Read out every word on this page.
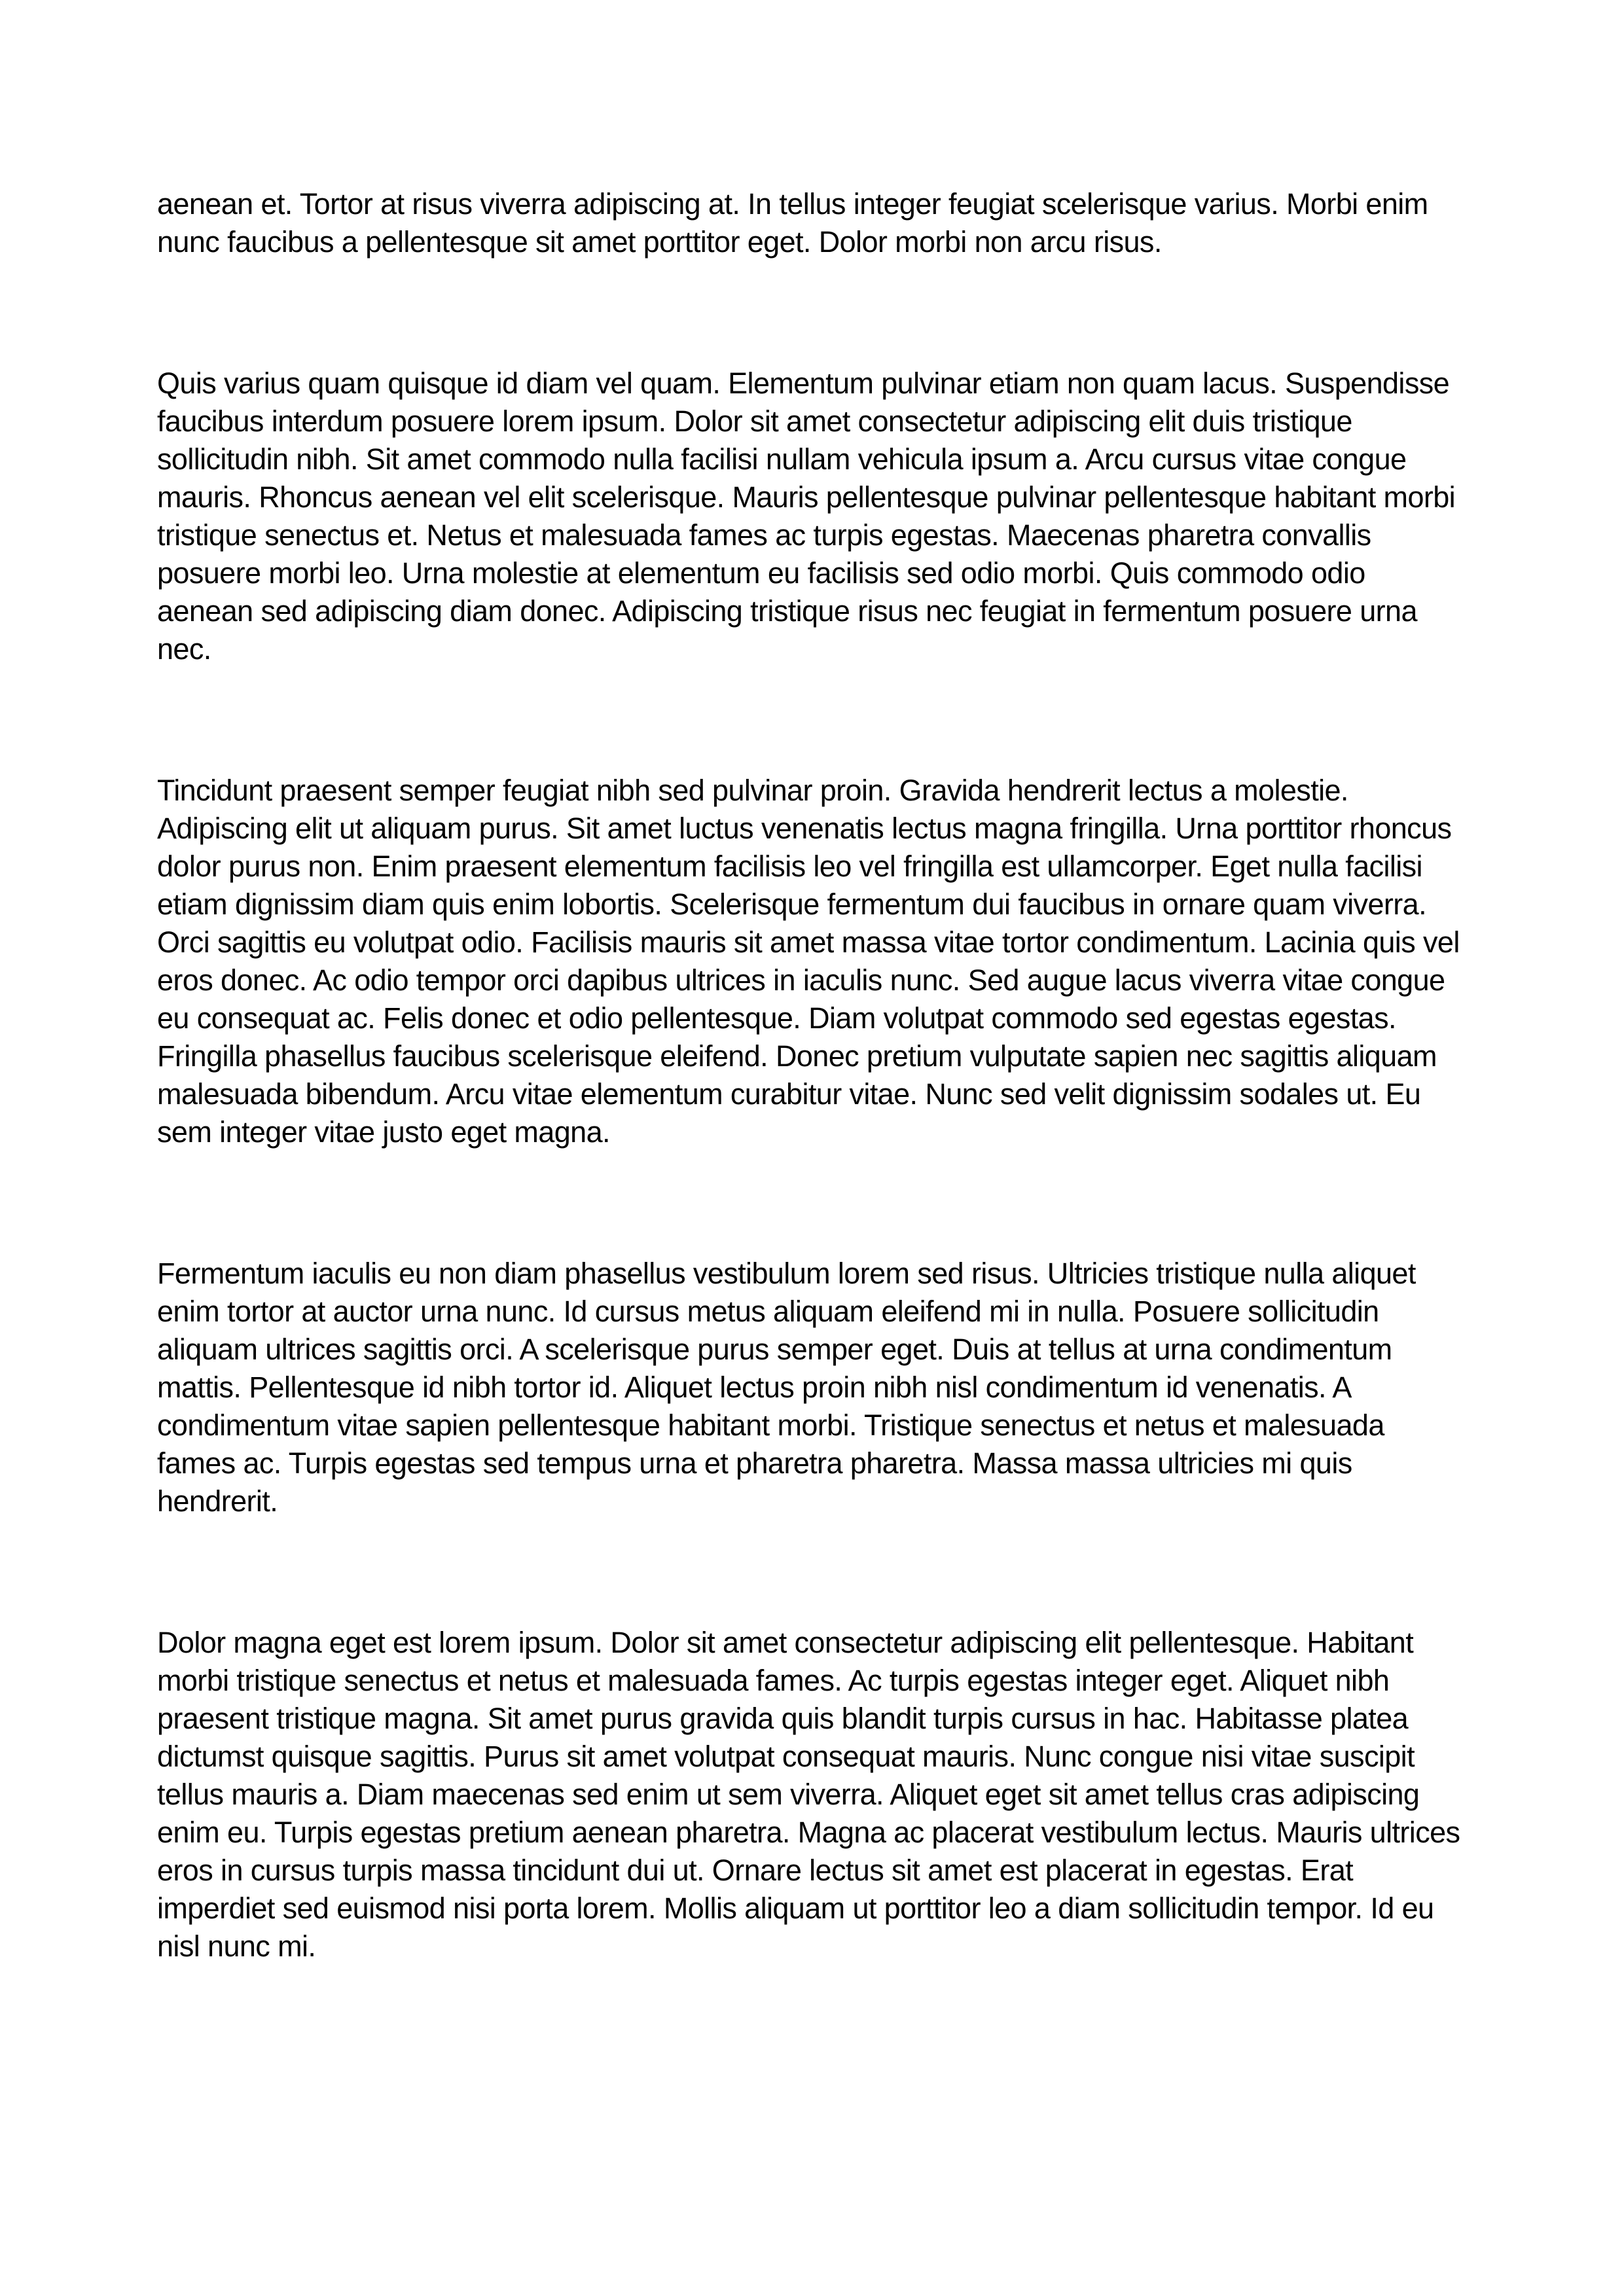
aenean et. Tortor at risus viverra adipiscing at. In tellus integer feugiat scelerisque varius. Morbi enim nunc faucibus a pellentesque sit amet porttitor eget. Dolor morbi non arcu risus.

Quis varius quam quisque id diam vel quam. Elementum pulvinar etiam non quam lacus. Suspendisse faucibus interdum posuere lorem ipsum. Dolor sit amet consectetur adipiscing elit duis tristique sollicitudin nibh. Sit amet commodo nulla facilisi nullam vehicula ipsum a. Arcu cursus vitae congue mauris. Rhoncus aenean vel elit scelerisque. Mauris pellentesque pulvinar pellentesque habitant morbi tristique senectus et. Netus et malesuada fames ac turpis egestas. Maecenas pharetra convallis posuere morbi leo. Urna molestie at elementum eu facilisis sed odio morbi. Quis commodo odio aenean sed adipiscing diam donec. Adipiscing tristique risus nec feugiat in fermentum posuere urna nec.

Tincidunt praesent semper feugiat nibh sed pulvinar proin. Gravida hendrerit lectus a molestie. Adipiscing elit ut aliquam purus. Sit amet luctus venenatis lectus magna fringilla. Urna porttitor rhoncus dolor purus non. Enim praesent elementum facilisis leo vel fringilla est ullamcorper. Eget nulla facilisi etiam dignissim diam quis enim lobortis. Scelerisque fermentum dui faucibus in ornare quam viverra. Orci sagittis eu volutpat odio. Facilisis mauris sit amet massa vitae tortor condimentum. Lacinia quis vel eros donec. Ac odio tempor orci dapibus ultrices in iaculis nunc. Sed augue lacus viverra vitae congue eu consequat ac. Felis donec et odio pellentesque. Diam volutpat commodo sed egestas egestas. Fringilla phasellus faucibus scelerisque eleifend. Donec pretium vulputate sapien nec sagittis aliquam malesuada bibendum. Arcu vitae elementum curabitur vitae. Nunc sed velit dignissim sodales ut. Eu sem integer vitae justo eget magna.

Fermentum iaculis eu non diam phasellus vestibulum lorem sed risus. Ultricies tristique nulla aliquet enim tortor at auctor urna nunc. Id cursus metus aliquam eleifend mi in nulla. Posuere sollicitudin aliquam ultrices sagittis orci. A scelerisque purus semper eget. Duis at tellus at urna condimentum mattis. Pellentesque id nibh tortor id. Aliquet lectus proin nibh nisl condimentum id venenatis. A condimentum vitae sapien pellentesque habitant morbi. Tristique senectus et netus et malesuada fames ac. Turpis egestas sed tempus urna et pharetra pharetra. Massa massa ultricies mi quis hendrerit.

Dolor magna eget est lorem ipsum. Dolor sit amet consectetur adipiscing elit pellentesque. Habitant morbi tristique senectus et netus et malesuada fames. Ac turpis egestas integer eget. Aliquet nibh praesent tristique magna. Sit amet purus gravida quis blandit turpis cursus in hac. Habitasse platea dictumst quisque sagittis. Purus sit amet volutpat consequat mauris. Nunc congue nisi vitae suscipit tellus mauris a. Diam maecenas sed enim ut sem viverra. Aliquet eget sit amet tellus cras adipiscing enim eu. Turpis egestas pretium aenean pharetra. Magna ac placerat vestibulum lectus. Mauris ultrices eros in cursus turpis massa tincidunt dui ut. Ornare lectus sit amet est placerat in egestas. Erat imperdiet sed euismod nisi porta lorem. Mollis aliquam ut porttitor leo a diam sollicitudin tempor. Id eu nisl nunc mi.
